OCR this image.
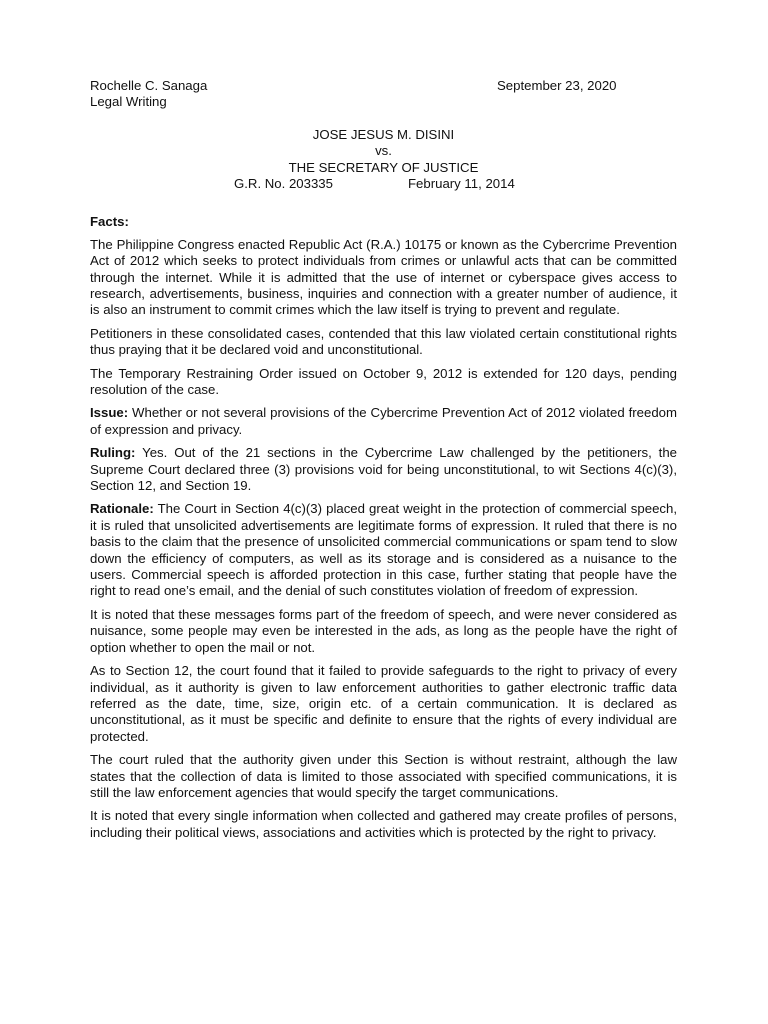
Rochelle C. Sanaga	September 23, 2020
Legal Writing
JOSE JESUS M. DISINI
vs.
THE SECRETARY OF JUSTICE
G.R. No. 203335	February 11, 2014
Facts:

The Philippine Congress enacted Republic Act (R.A.) 10175 or known as the Cybercrime Prevention Act of 2012 which seeks to protect individuals from crimes or unlawful acts that can be committed through the internet. While it is admitted that the use of internet or cyberspace gives access to research, advertisements, business, inquiries and connection with a greater number of audience, it is also an instrument to commit crimes which the law itself is trying to prevent and regulate.

Petitioners in these consolidated cases, contended that this law violated certain constitutional rights thus praying that it be declared void and unconstitutional.

The Temporary Restraining Order issued on October 9, 2012 is extended for 120 days, pending resolution of the case.

Issue: Whether or not several provisions of the Cybercrime Prevention Act of 2012 violated freedom of expression and privacy.

Ruling: Yes. Out of the 21 sections in the Cybercrime Law challenged by the petitioners, the Supreme Court declared three (3) provisions void for being unconstitutional, to wit Sections 4(c)(3), Section 12, and Section 19.

Rationale: The Court in Section 4(c)(3) placed great weight in the protection of commercial speech, it is ruled that unsolicited advertisements are legitimate forms of expression. It ruled that there is no basis to the claim that the presence of unsolicited commercial communications or spam tend to slow down the efficiency of computers, as well as its storage and is considered as a nuisance to the users. Commercial speech is afforded protection in this case, further stating that people have the right to read one’s email, and the denial of such constitutes violation of freedom of expression.

It is noted that these messages forms part of the freedom of speech, and were never considered as nuisance, some people may even be interested in the ads, as long as the people have the right of option whether to open the mail or not.

As to Section 12, the court found that it failed to provide safeguards to the right to privacy of every individual, as it authority is given to law enforcement authorities to gather electronic traffic data referred as the date, time, size, origin etc. of a certain communication. It is declared as unconstitutional, as it must be specific and definite to ensure that the rights of every individual are protected.

The court ruled that the authority given under this Section is without restraint, although the law states that the collection of data is limited to those associated with specified communications, it is still the law enforcement agencies that would specify the target communications.

It is noted that every single information when collected and gathered may create profiles of persons, including their political views, associations and activities which is protected by the right to privacy.
